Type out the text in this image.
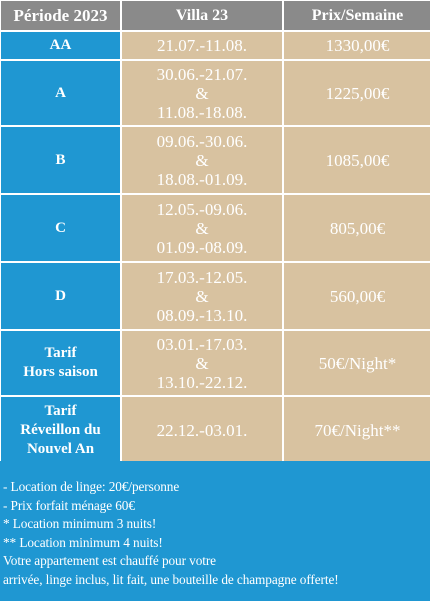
Période 2023	Villa 23	Prix/Semaine

AA	21.07.-11.08.	1330,00€

A	30.06.-21.07.
&
11.08.-18.08.	1225,00€

B	09.06.-30.06.
&
18.08.-01.09.	1085,00€

C	12.05.-09.06.
&
01.09.-08.09.	805,00€

D	17.03.-12.05.
&
08.09.-13.10.	560,00€

Tarif
Hors saison	03.01.-17.03.
&
13.10.-22.12.	50€/Night*

Tarif
Réveillon du
Nouvel An	22.12.-03.01.	70€/Night**
- Location de linge: 20€/personne
- Prix forfait ménage 60€
* Location minimum 3 nuits!
** Location minimum 4 nuits!
Votre appartement est chauffé pour votre
arrivée, linge inclus, lit fait, une bouteille de champagne offerte!
